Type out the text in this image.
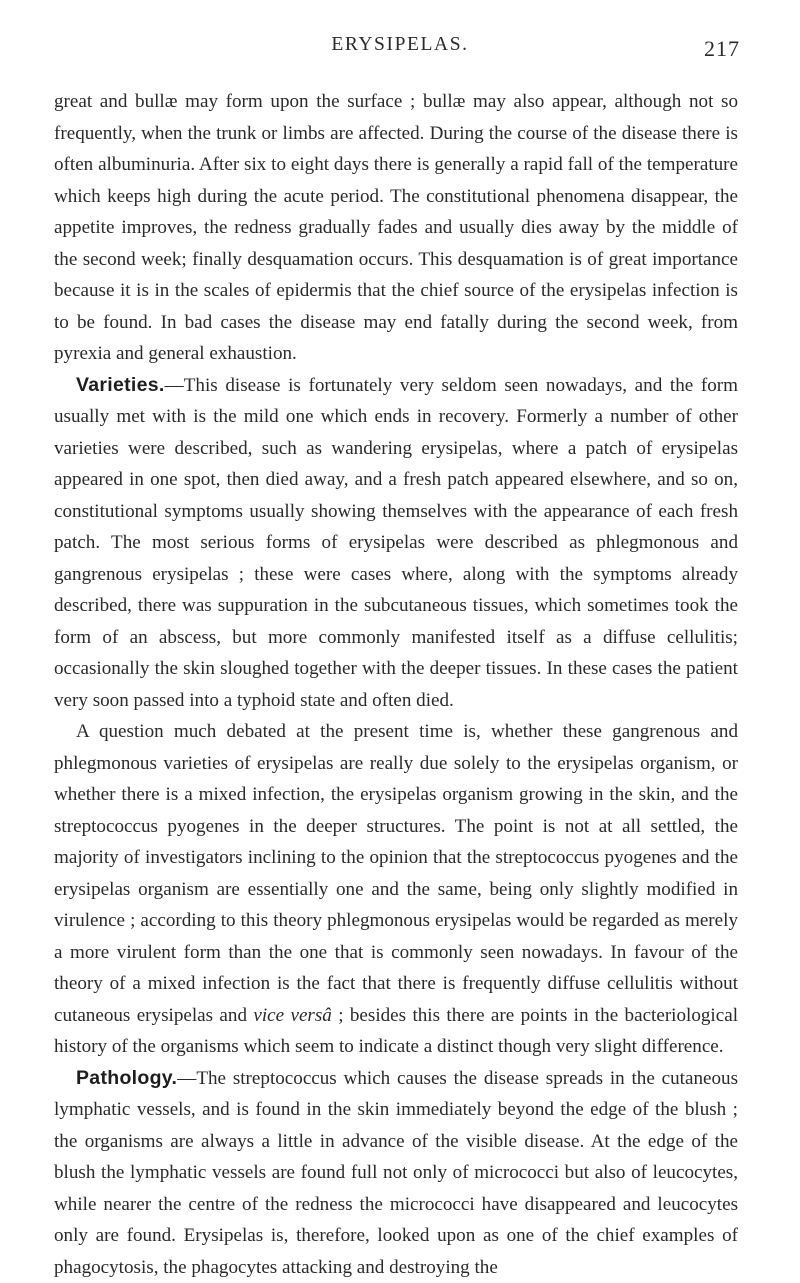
ERYSIPELAS.	217

great and bullæ may form upon the surface ; bullæ may also appear, although not so frequently, when the trunk or limbs are affected. During the course of the disease there is often albuminuria. After six to eight days there is generally a rapid fall of the temperature which keeps high during the acute period. The constitutional phenomena disappear, the appetite improves, the redness gradually fades and usually dies away by the middle of the second week; finally desquamation occurs. This desquamation is of great importance because it is in the scales of epidermis that the chief source of the erysipelas infection is to be found. In bad cases the disease may end fatally during the second week, from pyrexia and general exhaustion.

Varieties.—This disease is fortunately very seldom seen nowadays, and the form usually met with is the mild one which ends in recovery. Formerly a number of other varieties were described, such as wandering erysipelas, where a patch of erysipelas appeared in one spot, then died away, and a fresh patch appeared elsewhere, and so on, constitutional symptoms usually showing themselves with the appearance of each fresh patch. The most serious forms of erysipelas were described as phlegmonous and gangrenous erysipelas ; these were cases where, along with the symptoms already described, there was suppuration in the subcutaneous tissues, which sometimes took the form of an abscess, but more commonly manifested itself as a diffuse cellulitis; occasionally the skin sloughed together with the deeper tissues. In these cases the patient very soon passed into a typhoid state and often died.

A question much debated at the present time is, whether these gangrenous and phlegmonous varieties of erysipelas are really due solely to the erysipelas organism, or whether there is a mixed infection, the erysipelas organism growing in the skin, and the streptococcus pyogenes in the deeper structures. The point is not at all settled, the majority of investigators inclining to the opinion that the streptococcus pyogenes and the erysipelas organism are essentially one and the same, being only slightly modified in virulence ; according to this theory phlegmonous erysipelas would be regarded as merely a more virulent form than the one that is commonly seen nowadays. In favour of the theory of a mixed infection is the fact that there is frequently diffuse cellulitis without cutaneous erysipelas and vice versâ ; besides this there are points in the bacteriological history of the organisms which seem to indicate a distinct though very slight difference.

Pathology.—The streptococcus which causes the disease spreads in the cutaneous lymphatic vessels, and is found in the skin immediately beyond the edge of the blush ; the organisms are always a little in advance of the visible disease. At the edge of the blush the lymphatic vessels are found full not only of micrococci but also of leucocytes, while nearer the centre of the redness the micrococci have disappeared and leucocytes only are found. Erysipelas is, therefore, looked upon as one of the chief examples of phagocytosis, the phagocytes attacking and destroying the
